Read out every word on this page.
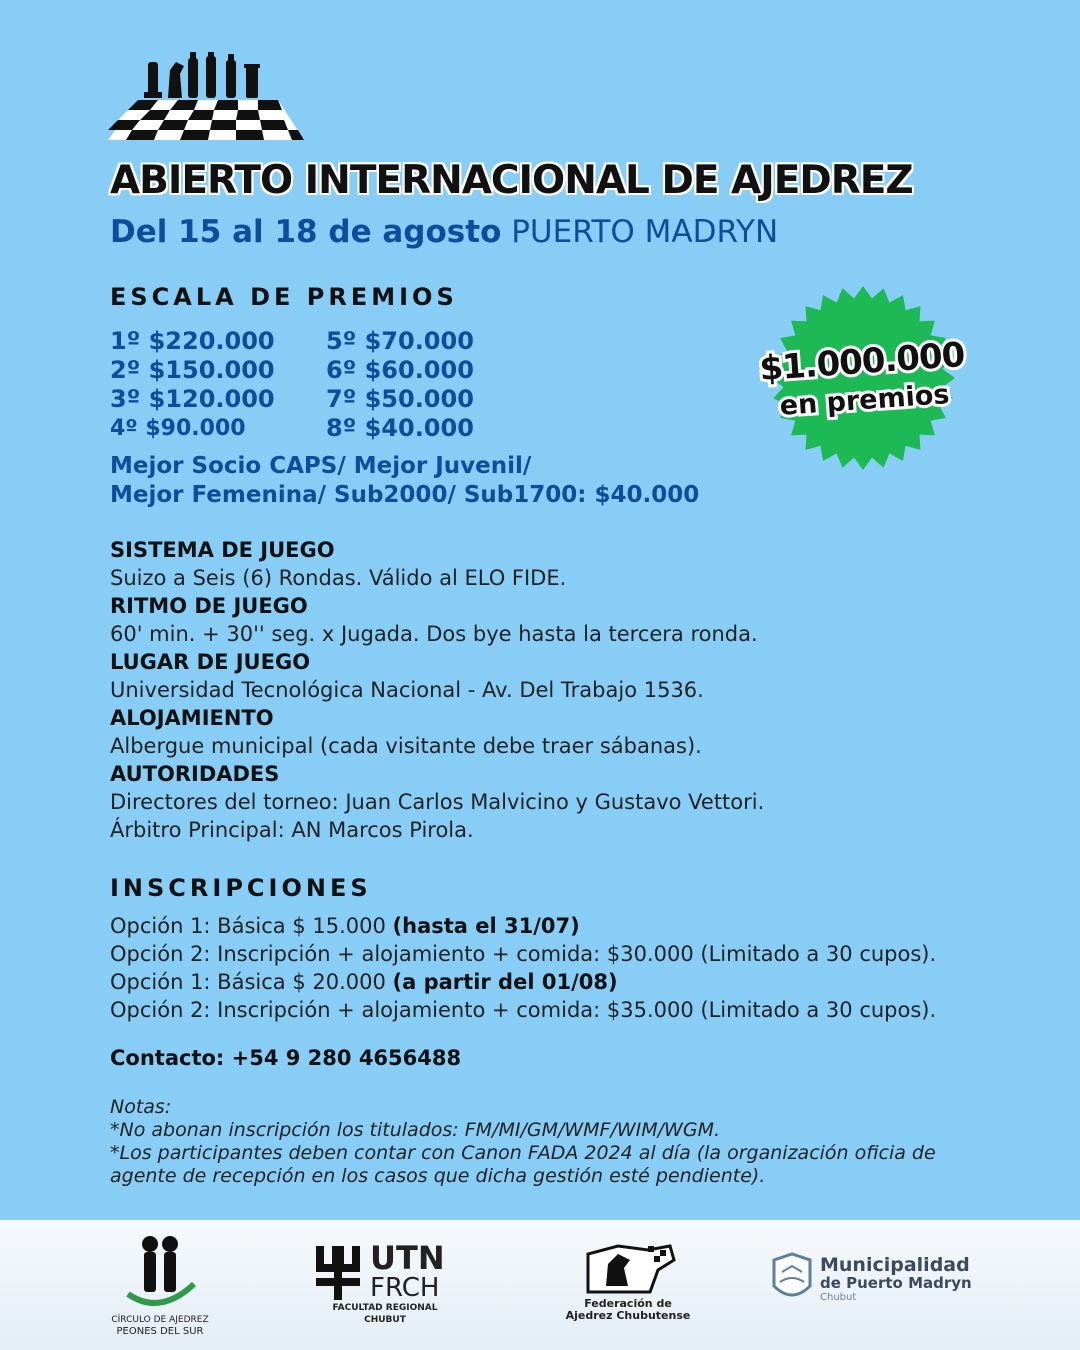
ABIERTO INTERNACIONAL DE AJEDREZ
Del 15 al 18 de agosto PUERTO MADRYN
ESCALA DE PREMIOS
1º $220.000
2º $150.000
3º $120.000
4º $90.000
5º $70.000
6º $60.000
7º $50.000
8º $40.000
Mejor Socio CAPS/ Mejor Juvenil/
Mejor Femenina/ Sub2000/ Sub1700: $40.000
$1.000.000
en premios
SISTEMA DE JUEGO
Suizo a Seis (6) Rondas. Válido al ELO FIDE.
RITMO DE JUEGO
60' min. + 30'' seg. x Jugada. Dos bye hasta la tercera ronda.
LUGAR DE JUEGO
Universidad Tecnológica Nacional - Av. Del Trabajo 1536.
ALOJAMIENTO
Albergue municipal (cada visitante debe traer sábanas).
AUTORIDADES
Directores del torneo: Juan Carlos Malvicino y Gustavo Vettori.
Árbitro Principal: AN Marcos Pirola.
INSCRIPCIONES
Opción 1: Básica $ 15.000 (hasta el 31/07)
Opción 2: Inscripción + alojamiento + comida: $30.000 (Limitado a 30 cupos).
Opción 1: Básica $ 20.000 (a partir del 01/08)
Opción 2: Inscripción + alojamiento + comida: $35.000 (Limitado a 30 cupos).
Contacto: +54 9 280 4656488
Notas:
*No abonan inscripción los titulados: FM/MI/GM/WMF/WIM/WGM.
*Los participantes deben contar con Canon FADA 2024 al día (la organización oficia de agente de recepción en los casos que dicha gestión esté pendiente).
CÍRCULO DE AJEDREZ
PEONES DEL SUR
UTN
FRCH
FACULTAD REGIONAL CHUBUT
Federación de
Ajedrez Chubutense
Municipalidad
de Puerto Madryn
Chubut
